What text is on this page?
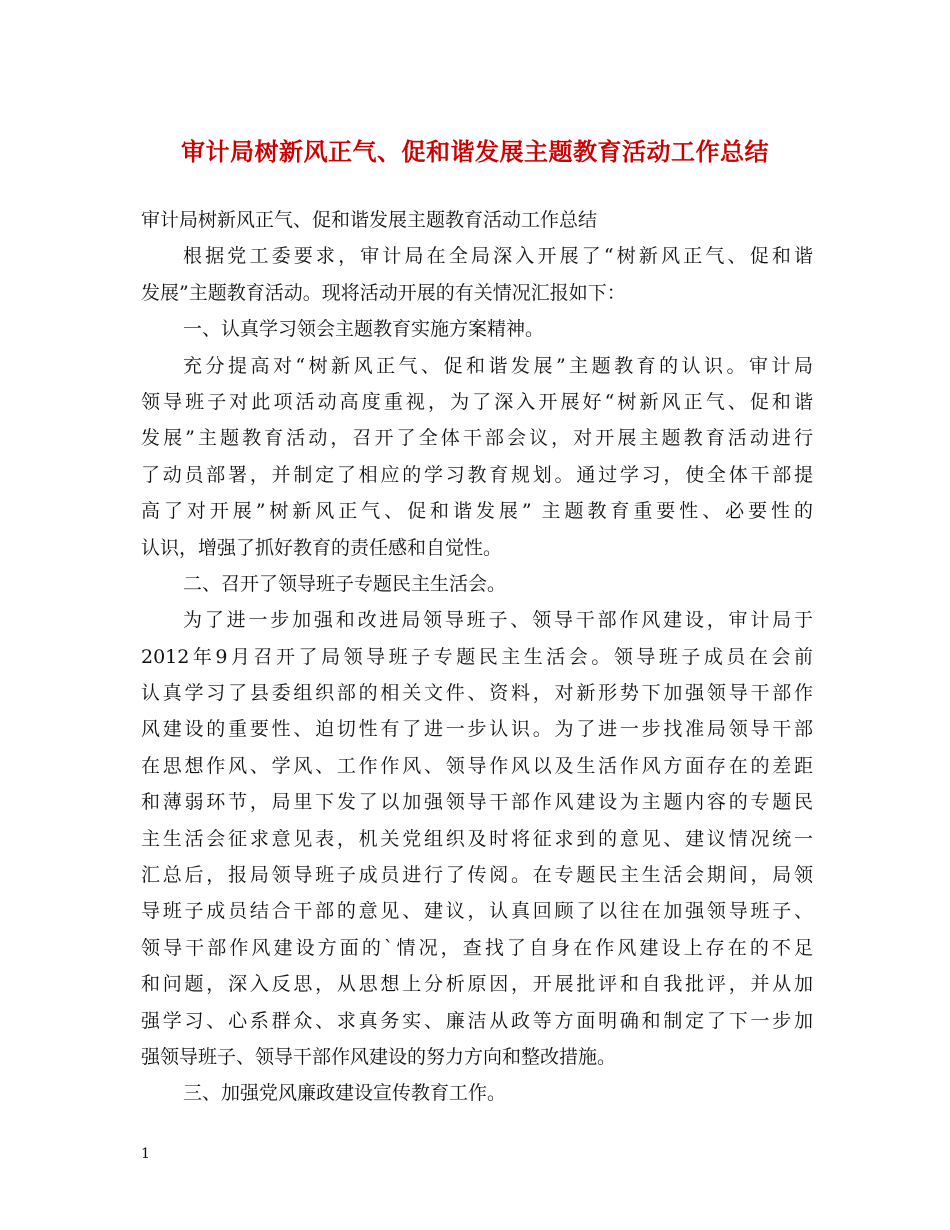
审计局树新风正气、促和谐发展主题教育活动工作总结
审计局树新风正气、促和谐发展主题教育活动工作总结
根据党工委要求，审计局在全局深入开展了“树新风正气、促和谐
发展”主题教育活动。现将活动开展的有关情况汇报如下：
一、认真学习领会主题教育实施方案精神。
充分提高对“树新风正气、促和谐发展”主题教育的认识。审计局
领导班子对此项活动高度重视，为了深入开展好“树新风正气、促和谐
发展”主题教育活动，召开了全体干部会议，对开展主题教育活动进行
了动员部署，并制定了相应的学习教育规划。通过学习，使全体干部提
高了对开展”树新风正气、促和谐发展” 主题教育重要性、必要性的
认识，增强了抓好教育的责任感和自觉性。
二、召开了领导班子专题民主生活会。
为了进一步加强和改进局领导班子、领导干部作风建设，审计局于
2012年9月召开了局领导班子专题民主生活会。领导班子成员在会前
认真学习了县委组织部的相关文件、资料，对新形势下加强领导干部作
风建设的重要性、迫切性有了进一步认识。为了进一步找准局领导干部
在思想作风、学风、工作作风、领导作风以及生活作风方面存在的差距
和薄弱环节，局里下发了以加强领导干部作风建设为主题内容的专题民
主生活会征求意见表，机关党组织及时将征求到的意见、建议情况统一
汇总后，报局领导班子成员进行了传阅。在专题民主生活会期间，局领
导班子成员结合干部的意见、建议，认真回顾了以往在加强领导班子、
领导干部作风建设方面的`情况，查找了自身在作风建设上存在的不足
和问题，深入反思，从思想上分析原因，开展批评和自我批评，并从加
强学习、心系群众、求真务实、廉洁从政等方面明确和制定了下一步加
强领导班子、领导干部作风建设的努力方向和整改措施。
三、加强党风廉政建设宣传教育工作。
1
